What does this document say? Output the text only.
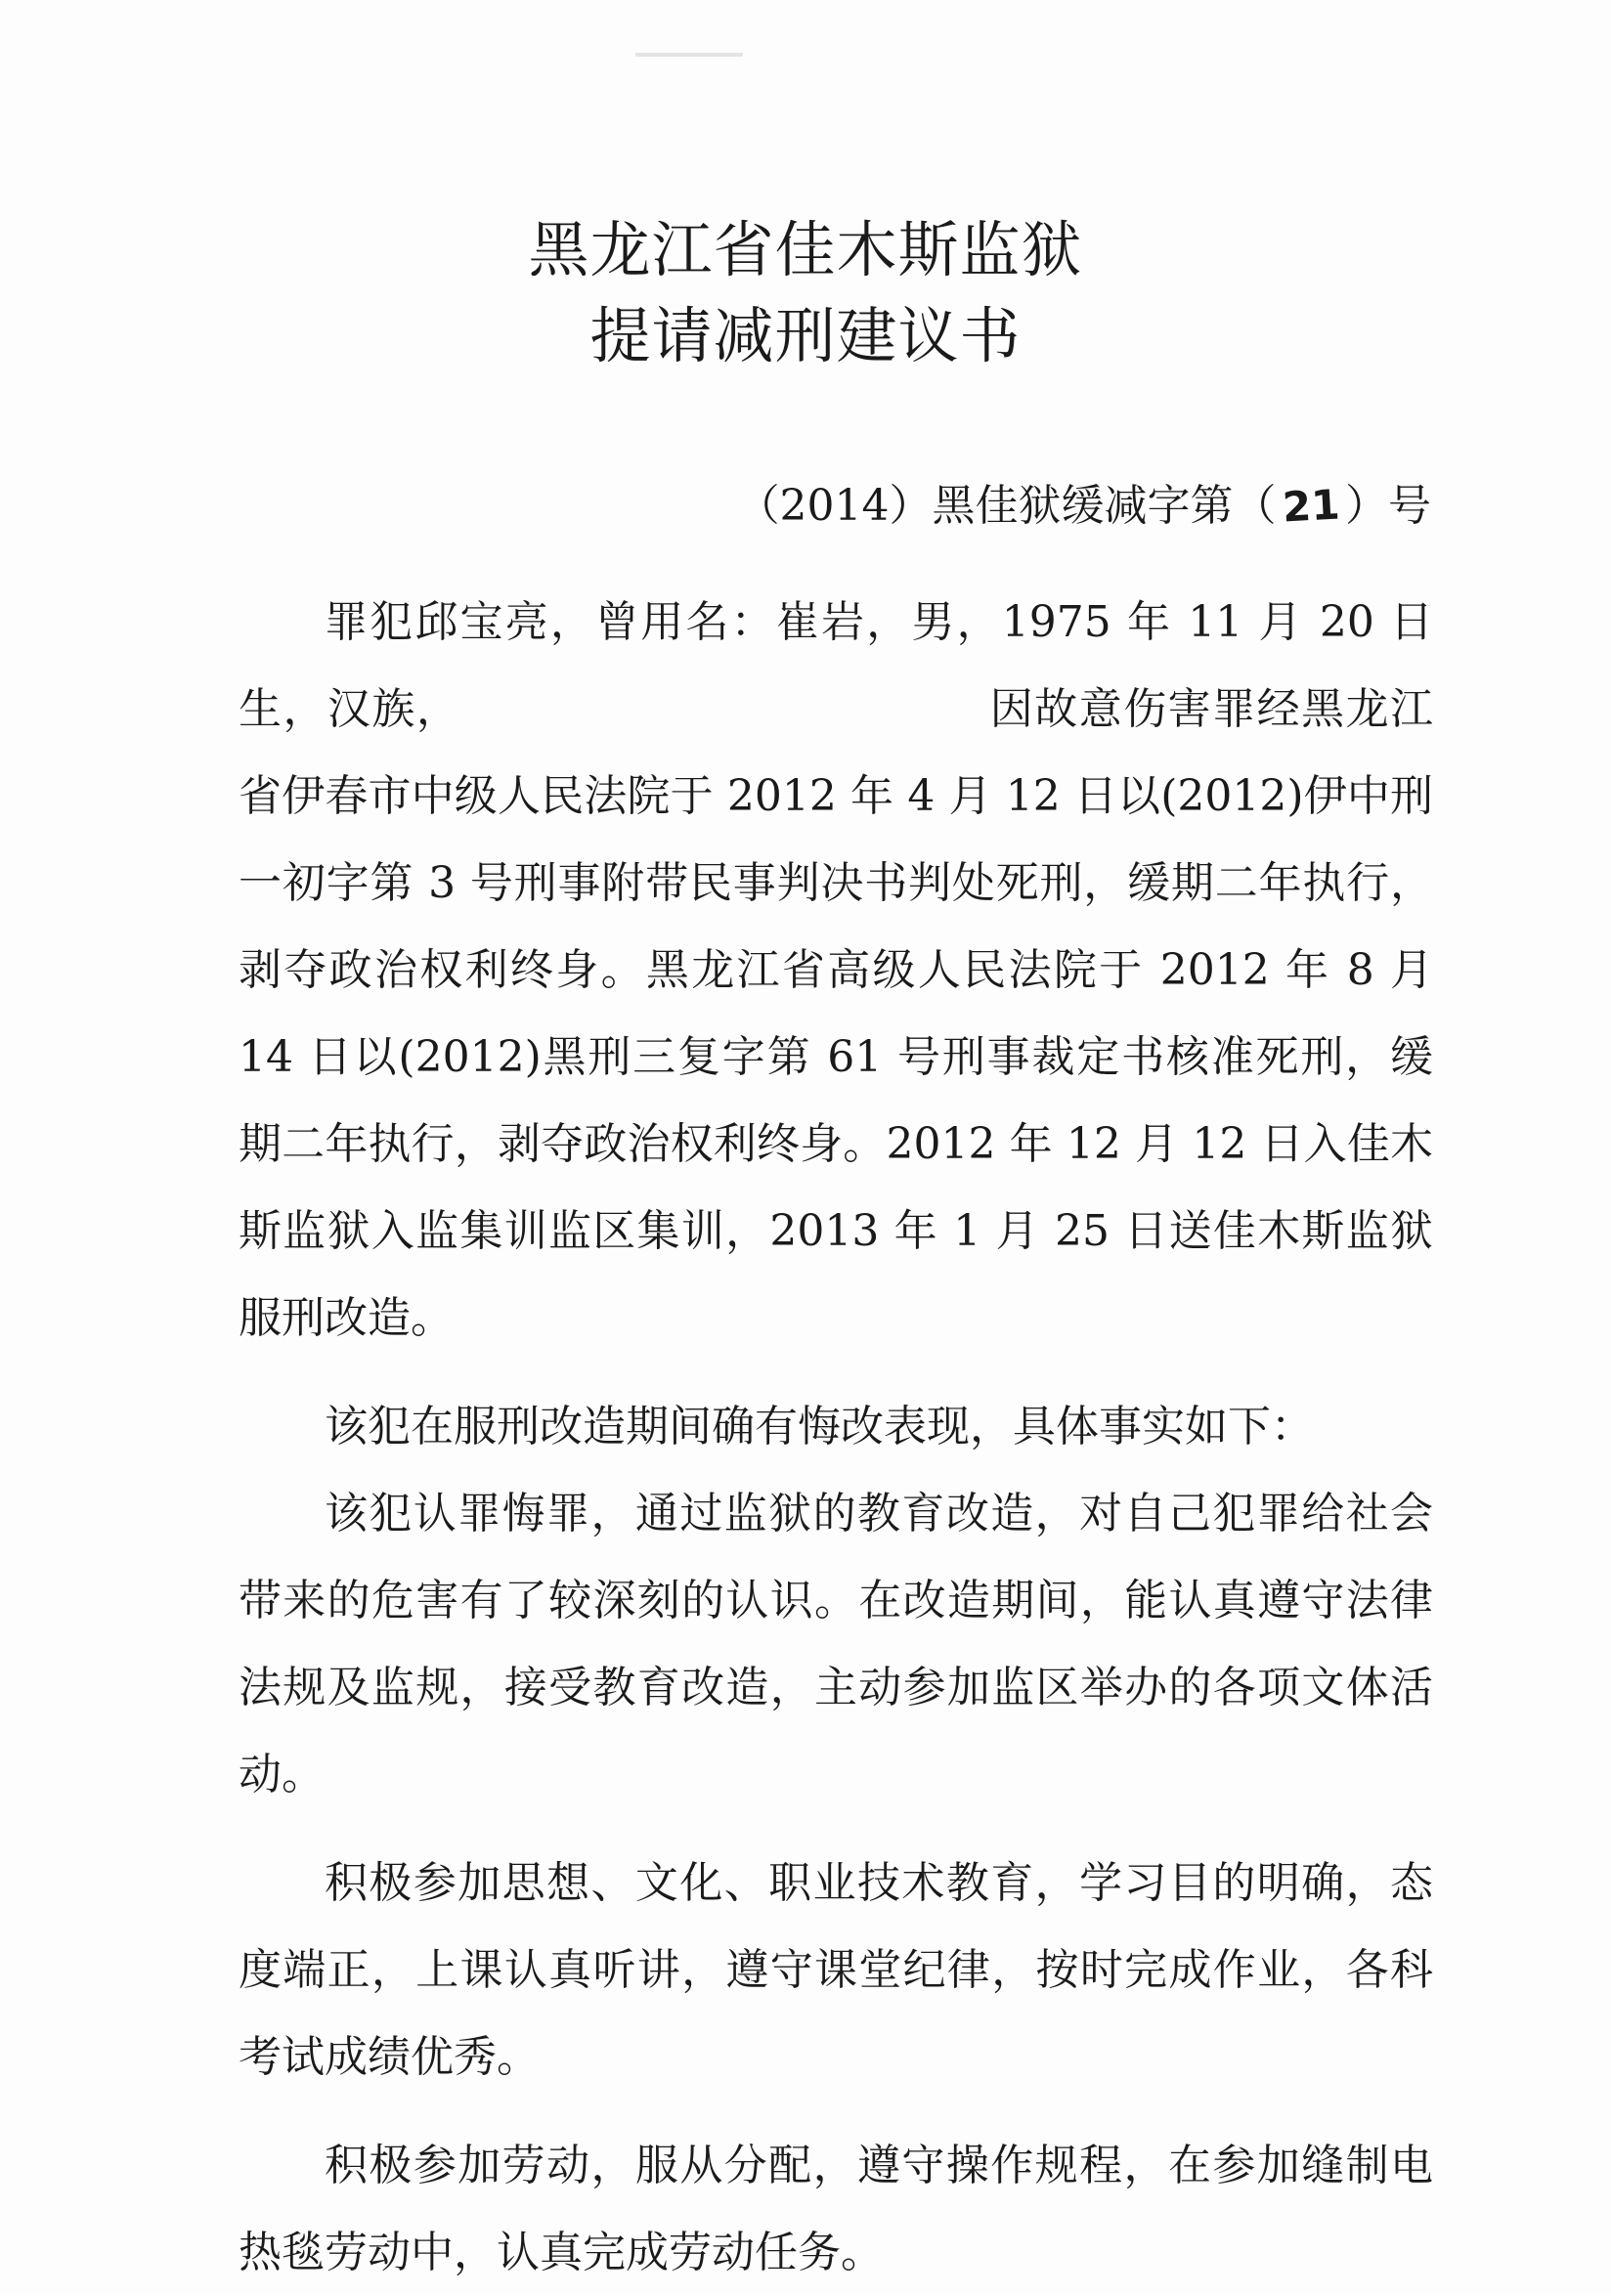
黑龙江省佳木斯监狱
提请减刑建议书
（2014）黑佳狱缓减字第（ 21 ）号

罪犯邱宝亮，曾用名：崔岩，男，1975 年 11 月 20 日生，汉族，	因故意伤害罪经黑龙江省伊春市中级人民法院于 2012 年 4 月 12 日以(2012)伊中刑一初字第 3 号刑事附带民事判决书判处死刑，缓期二年执行，剥夺政治权利终身。黑龙江省高级人民法院于 2012 年 8 月 14 日以(2012)黑刑三复字第 61 号刑事裁定书核准死刑，缓期二年执行，剥夺政治权利终身。2012 年 12 月 12 日入佳木斯监狱入监集训监区集训，2013 年 1 月 25 日送佳木斯监狱服刑改造。

该犯在服刑改造期间确有悔改表现，具体事实如下：

该犯认罪悔罪，通过监狱的教育改造，对自己犯罪给社会带来的危害有了较深刻的认识。在改造期间，能认真遵守法律法规及监规，接受教育改造，主动参加监区举办的各项文体活动。

积极参加思想、文化、职业技术教育，学习目的明确，态度端正，上课认真听讲，遵守课堂纪律，按时完成作业，各科考试成绩优秀。

积极参加劳动，服从分配，遵守操作规程，在参加缝制电热毯劳动中，认真完成劳动任务。
